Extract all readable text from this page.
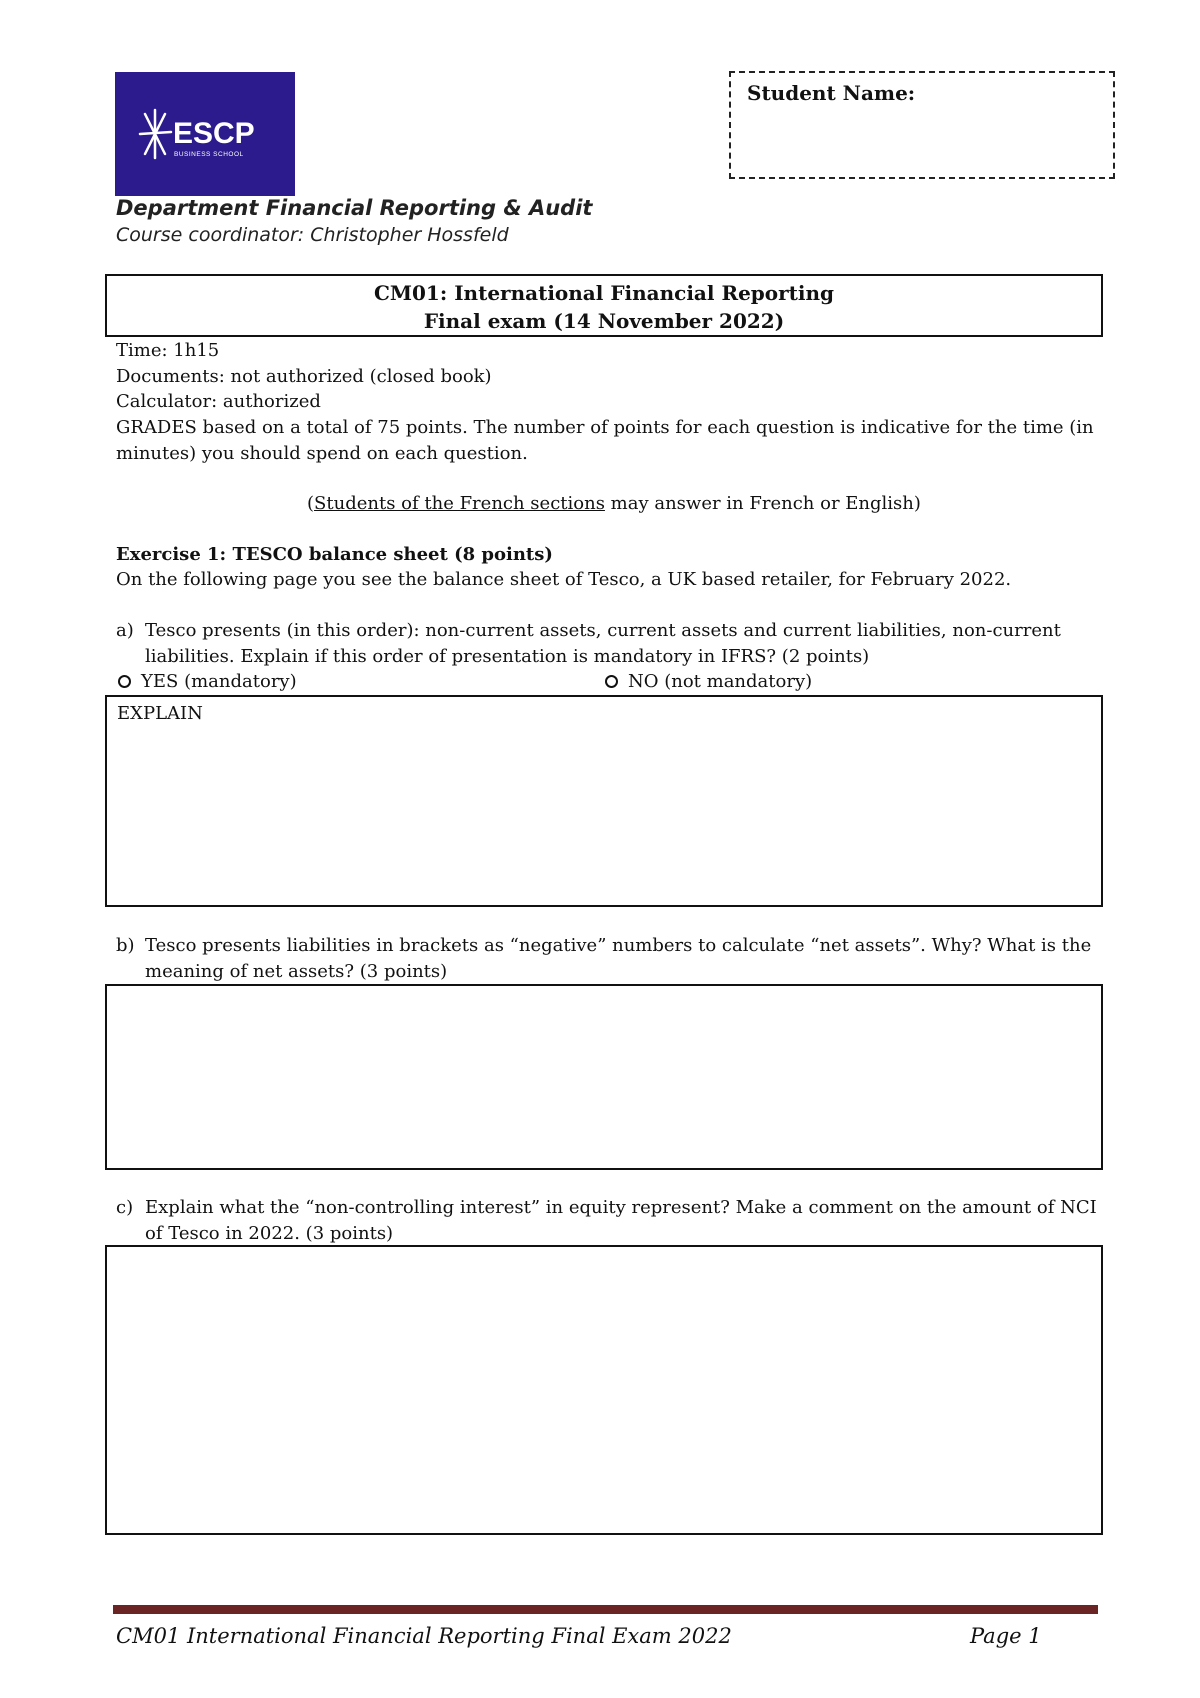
ESCP
BUSINESS SCHOOL
Student Name:
Department Financial Reporting & Audit
Course coordinator: Christopher Hossfeld
CM01: International Financial Reporting
Final exam (14 November 2022)
Time: 1h15
Documents: not authorized (closed book)
Calculator: authorized
GRADES based on a total of 75 points. The number of points for each question is indicative for the time (in
minutes) you should spend on each question.
(Students of the French sections may answer in French or English)
Exercise 1: TESCO balance sheet (8 points)
On the following page you see the balance sheet of Tesco, a UK based retailer, for February 2022.
a) Tesco presents (in this order): non-current assets, current assets and current liabilities, non-current
liabilities. Explain if this order of presentation is mandatory in IFRS? (2 points)
YES (mandatory)	NO (not mandatory)
EXPLAIN
b) Tesco presents liabilities in brackets as “negative” numbers to calculate “net assets”. Why? What is the
meaning of net assets? (3 points)
c) Explain what the “non-controlling interest” in equity represent? Make a comment on the amount of NCI
of Tesco in 2022. (3 points)
CM01 International Financial Reporting Final Exam 2022	Page 1
